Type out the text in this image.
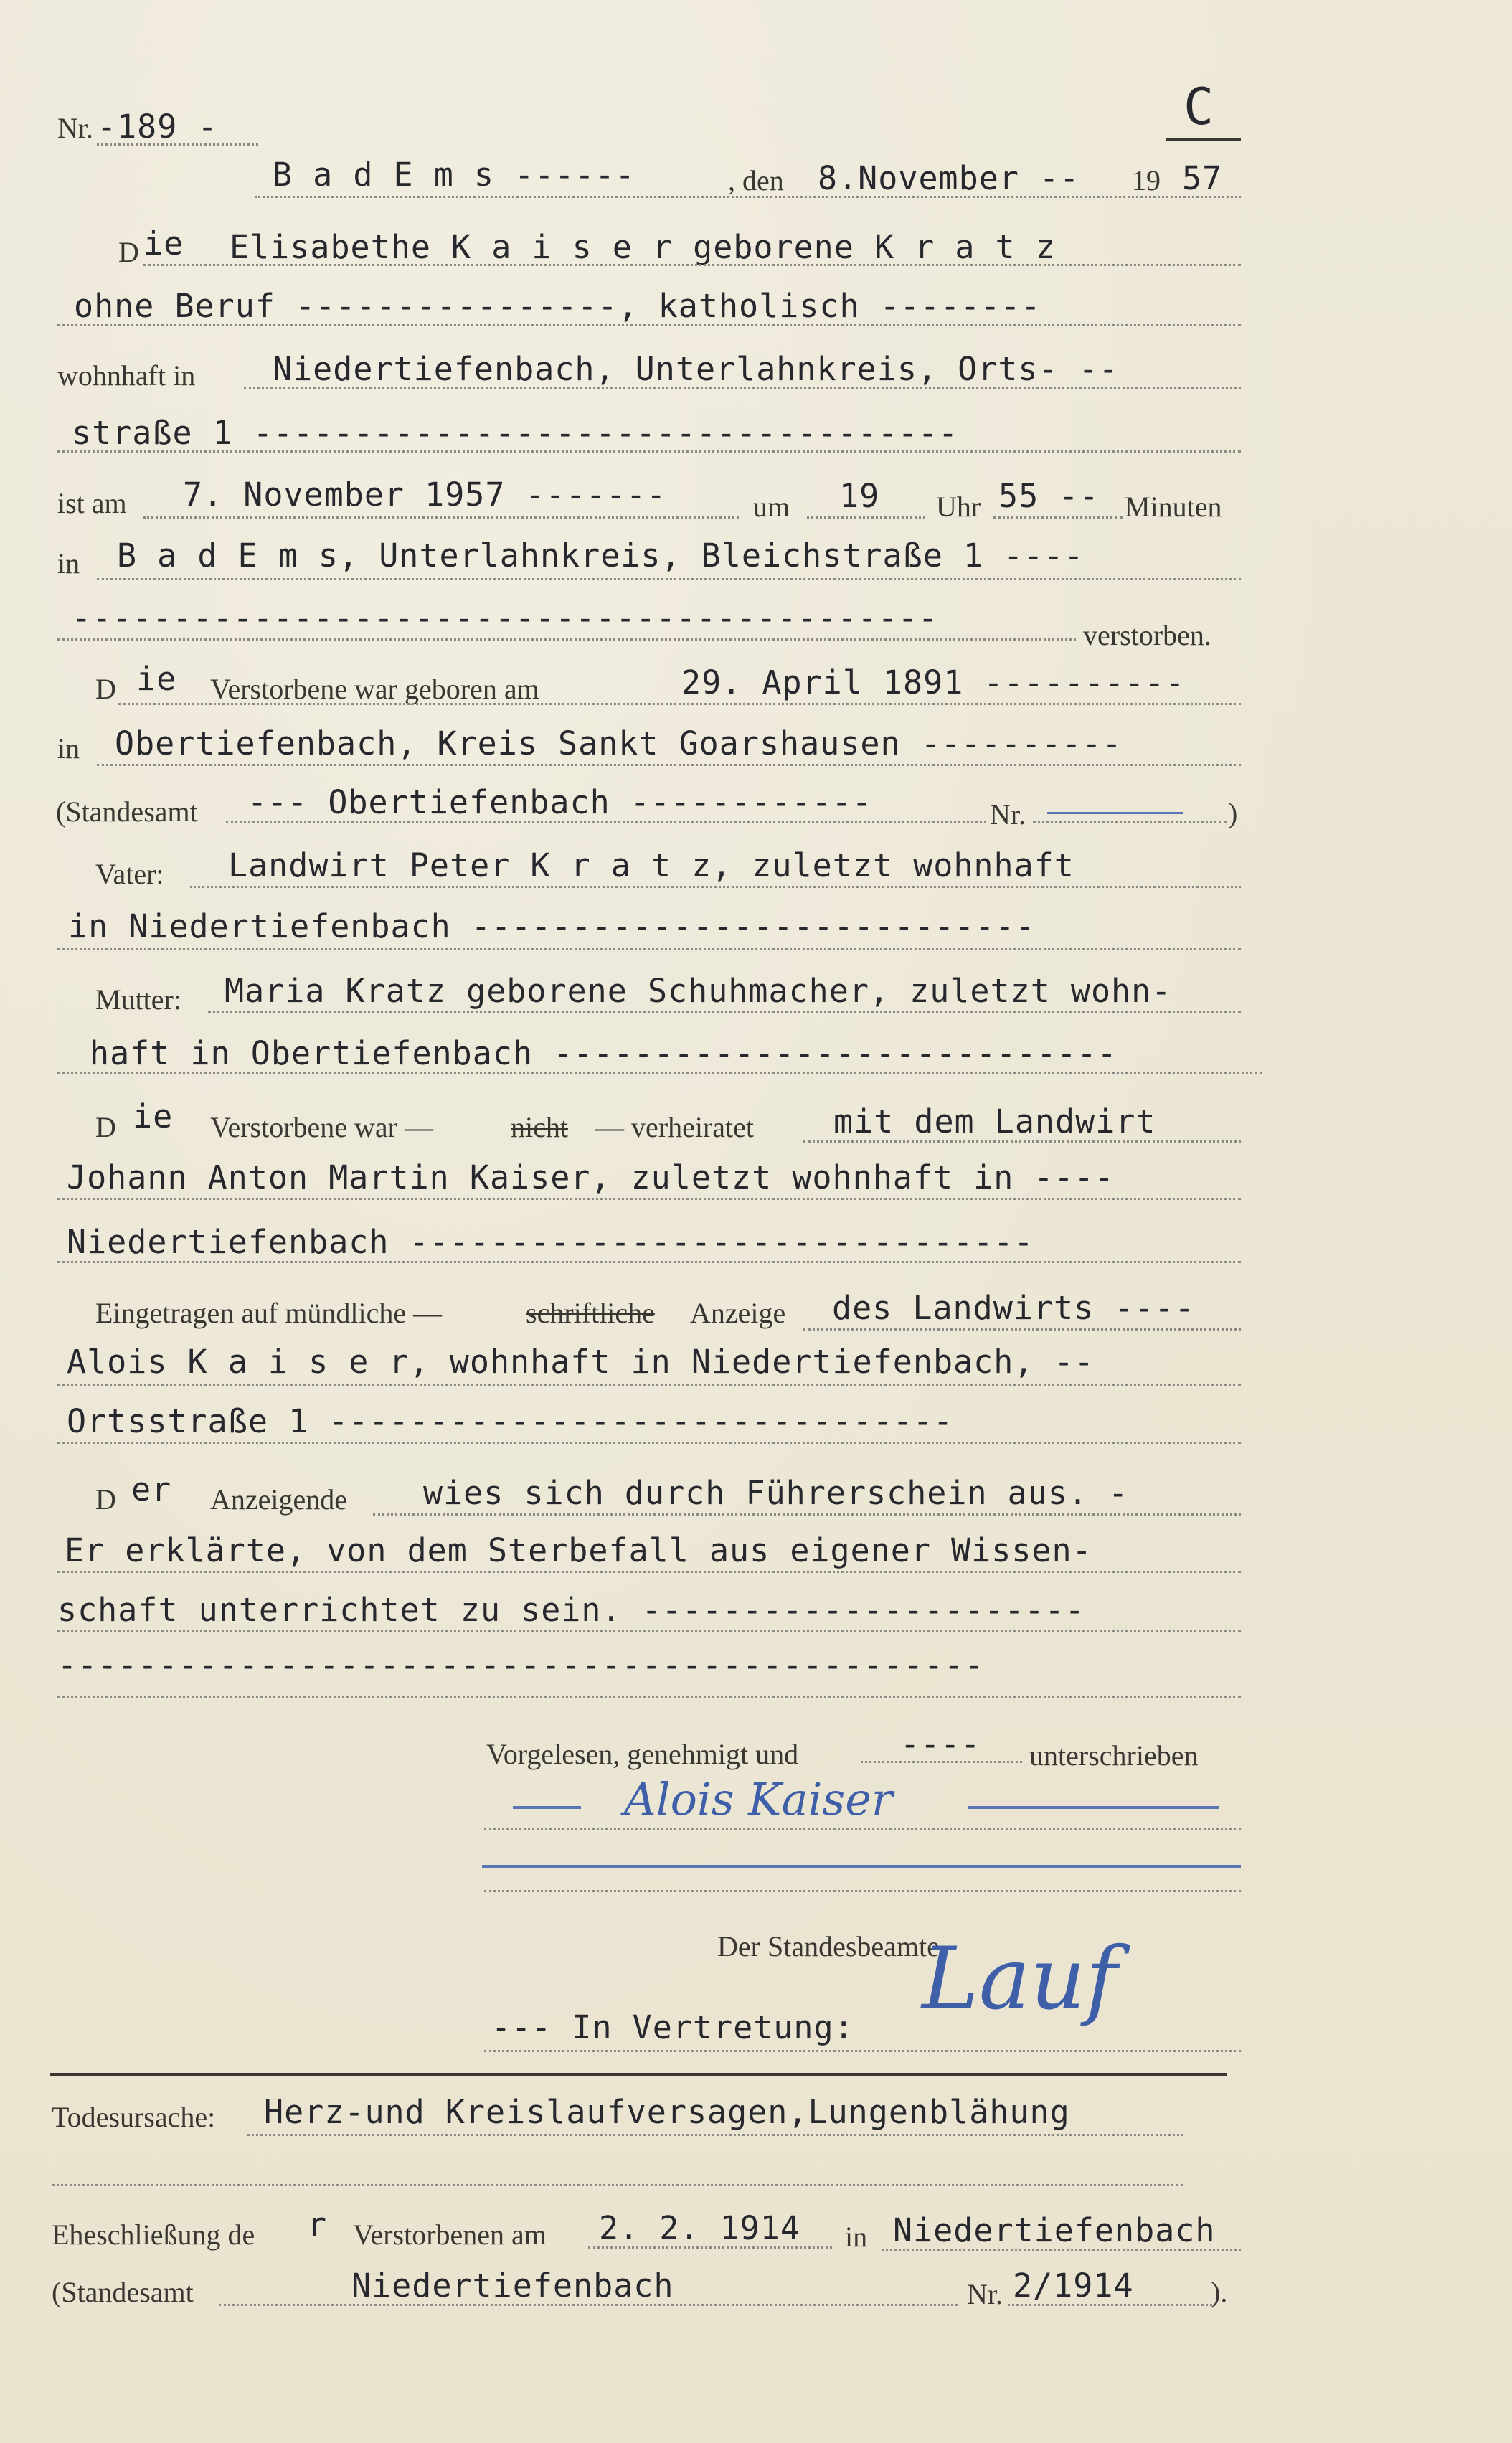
Nr. -189 -	C
B a d E m s ------	, den 8.November -- 19 57
D ie Elisabethe K a i s e r geborene K r a t z
ohne Beruf ----------------, katholisch --------
wohnhaft in Niedertiefenbach, Unterlahnkreis, Orts- --
straße 1 -----------------------------------
ist am 7. November 1957 -------	um 19 Uhr 55 -- Minuten
in B a d E m s, Unterlahnkreis, Bleichstraße 1 ----
-------------------------------------------	verstorben.
D ie Verstorbene war geboren am	29. April 1891 ----------
in Obertiefenbach, Kreis Sankt Goarshausen ----------
(Standesamt --- Obertiefenbach ------------	Nr.	)
Vater: Landwirt Peter K r a t z, zuletzt wohnhaft
in Niedertiefenbach ----------------------------
Mutter: Maria Kratz geborene Schuhmacher, zuletzt wohn-
haft in Obertiefenbach ----------------------------
D ie Verstorbene war —	nicht — verheiratet mit dem Landwirt
Johann Anton Martin Kaiser, zuletzt wohnhaft in ----
Niedertiefenbach -------------------------------
Eingetragen auf mündliche —	schriftliche Anzeige des Landwirts ----
Alois K a i s e r, wohnhaft in Niedertiefenbach, --
Ortsstraße 1 -------------------------------
D er Anzeigende wies sich durch Führerschein aus. -
Er erklärte, von dem Sterbefall aus eigener Wissen-
schaft unterrichtet zu sein. ----------------------
----------------------------------------------
Vorgelesen, genehmigt und	---- unterschrieben
Alois Kaiser
Der Standesbeamte
--- In Vertretung: Lauf
Todesursache: Herz-und Kreislaufversagen,Lungenblähung
Eheschließung de r Verstorbenen am 2. 2. 1914 in Niedertiefenbach
(Standesamt	Niedertiefenbach	Nr. 2/1914	).
